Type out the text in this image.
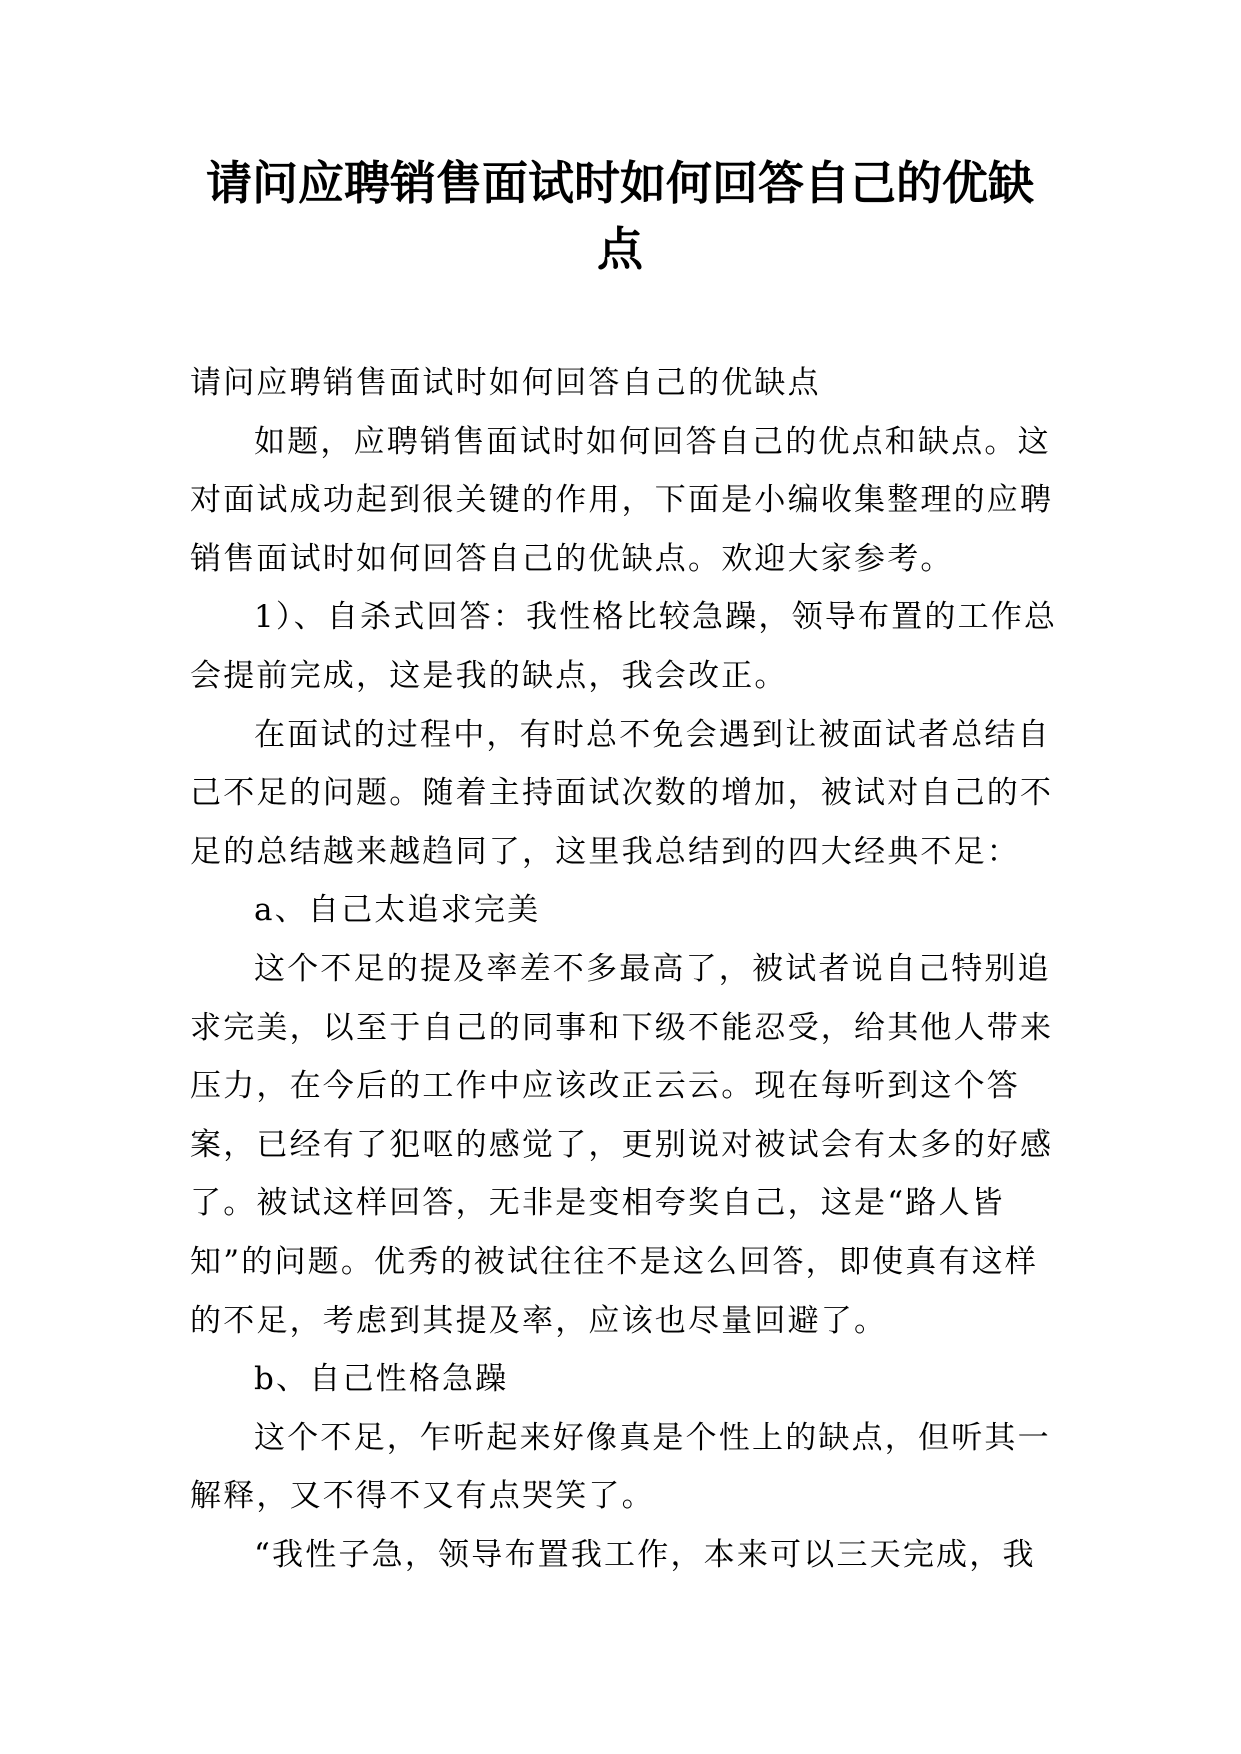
请问应聘销售面试时如何回答自己的优缺点

请问应聘销售面试时如何回答自己的优缺点

如题，应聘销售面试时如何回答自己的优点和缺点。这对面试成功起到很关键的作用，下面是小编收集整理的应聘销售面试时如何回答自己的优缺点。欢迎大家参考。

1）、自杀式回答：我性格比较急躁，领导布置的工作总会提前完成，这是我的缺点，我会改正。

在面试的过程中，有时总不免会遇到让被面试者总结自己不足的问题。随着主持面试次数的增加，被试对自己的不足的总结越来越趋同了，这里我总结到的四大经典不足：

a、自己太追求完美

这个不足的提及率差不多最高了，被试者说自己特别追求完美，以至于自己的同事和下级不能忍受，给其他人带来压力，在今后的工作中应该改正云云。现在每听到这个答案，已经有了犯呕的感觉了，更别说对被试会有太多的好感了。被试这样回答，无非是变相夸奖自己，这是“路人皆知”的问题。优秀的被试往往不是这么回答，即使真有这样的不足，考虑到其提及率，应该也尽量回避了。

b、自己性格急躁

这个不足，乍听起来好像真是个性上的缺点，但听其一解释，又不得不又有点哭笑了。

“我性子急，领导布置我工作，本来可以三天完成，我
